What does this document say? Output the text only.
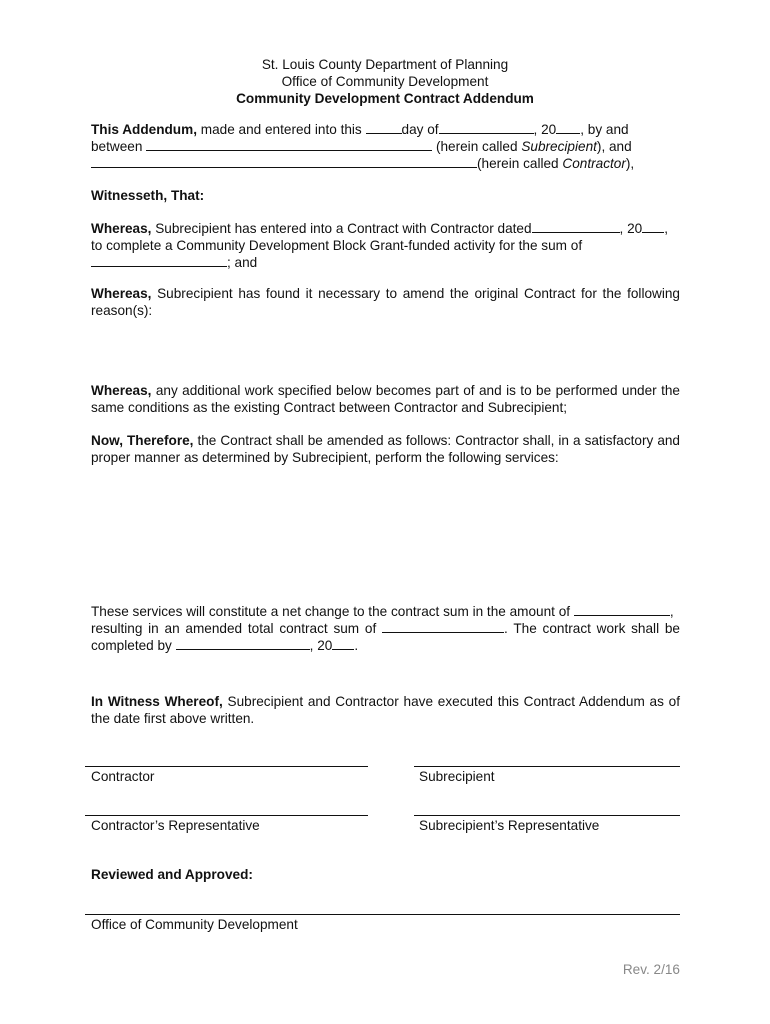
St. Louis County Department of Planning
Office of Community Development
Community Development Contract Addendum
This Addendum, made and entered into this	day of	, 20 , by and
between	(herein called Subrecipient), and
(herein called Contractor),
Witnesseth, That:
Whereas, Subrecipient has entered into a Contract with Contractor dated	, 20 ,
to complete a Community Development Block Grant-funded activity for the sum of
; and
Whereas, Subrecipient has found it necessary to amend the original Contract for the following reason(s):
Whereas, any additional work specified below becomes part of and is to be performed under the same conditions as the existing Contract between Contractor and Subrecipient;
Now, Therefore, the Contract shall be amended as follows: Contractor shall, in a satisfactory and proper manner as determined by Subrecipient, perform the following services:
These services will constitute a net change to the contract sum in the amount of	,
resulting in an amended total contract sum of	. The contract work shall be
completed by	, 20 .
In Witness Whereof, Subrecipient and Contractor have executed this Contract Addendum as of the date first above written.
Contractor	Subrecipient
Contractor’s Representative	Subrecipient’s Representative
Reviewed and Approved:
Office of Community Development
Rev. 2/16
